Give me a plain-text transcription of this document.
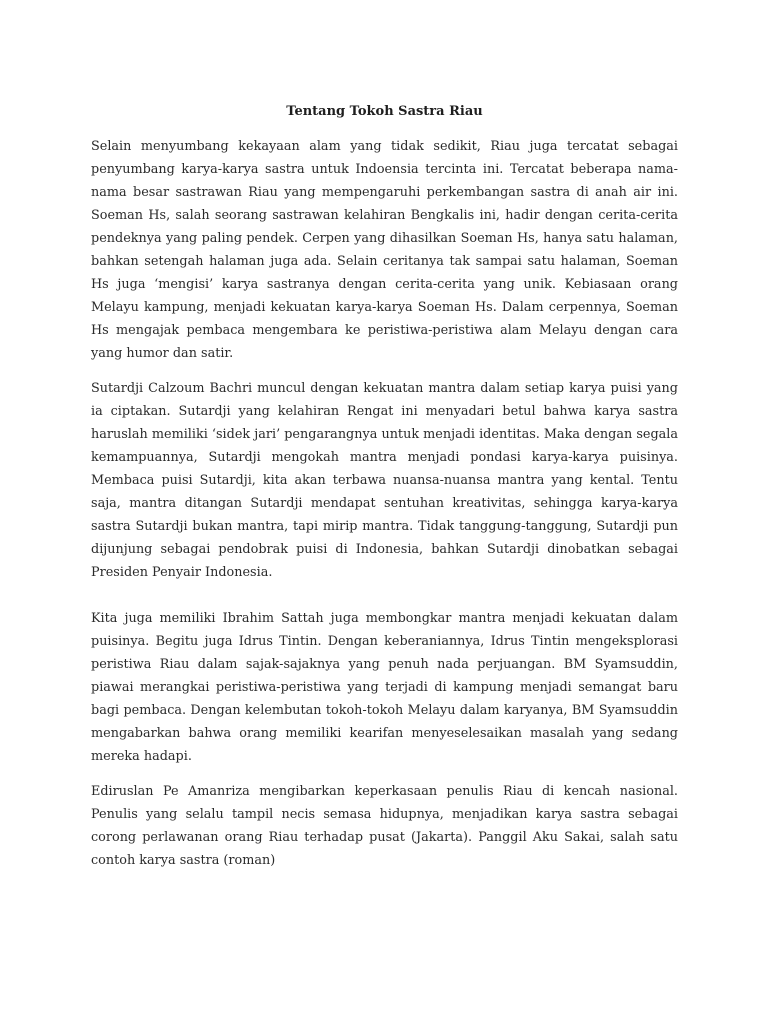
Tentang Tokoh Sastra Riau

Selain menyumbang kekayaan alam yang tidak sedikit, Riau juga tercatat sebagai penyumbang karya-karya sastra untuk Indoensia tercinta ini. Tercatat beberapa nama-nama besar sastrawan Riau yang mempengaruhi perkembangan sastra di anah air ini. Soeman Hs, salah seorang sastrawan kelahiran Bengkalis ini, hadir dengan cerita-cerita pendeknya yang paling pendek. Cerpen yang dihasilkan Soeman Hs, hanya satu halaman, bahkan setengah halaman juga ada. Selain ceritanya tak sampai satu halaman, Soeman Hs juga ‘mengisi’ karya sastranya dengan cerita-cerita yang unik. Kebiasaan orang Melayu kampung, menjadi kekuatan karya-karya Soeman Hs. Dalam cerpennya, Soeman Hs mengajak pembaca mengembara ke peristiwa-peristiwa alam Melayu dengan cara yang humor dan satir.

Sutardji Calzoum Bachri muncul dengan kekuatan mantra dalam setiap karya puisi yang ia ciptakan. Sutardji yang kelahiran Rengat ini menyadari betul bahwa karya sastra haruslah memiliki ‘sidek jari’ pengarangnya untuk menjadi identitas. Maka dengan segala kemampuannya, Sutardji mengokah mantra menjadi pondasi karya-karya puisinya. Membaca puisi Sutardji, kita akan terbawa nuansa-nuansa mantra yang kental. Tentu saja, mantra ditangan Sutardji mendapat sentuhan kreativitas, sehingga karya-karya sastra Sutardji bukan mantra, tapi mirip mantra. Tidak tanggung-tanggung, Sutardji pun dijunjung sebagai pendobrak puisi di Indonesia, bahkan Sutardji dinobatkan sebagai Presiden Penyair Indonesia.

Kita juga memiliki Ibrahim Sattah juga membongkar mantra menjadi kekuatan dalam puisinya. Begitu juga Idrus Tintin. Dengan keberaniannya, Idrus Tintin mengeksplorasi peristiwa Riau dalam sajak-sajaknya yang penuh nada perjuangan. BM Syamsuddin, piawai merangkai peristiwa-peristiwa yang terjadi di kampung menjadi semangat baru bagi pembaca. Dengan kelembutan tokoh-tokoh Melayu dalam karyanya, BM Syamsuddin mengabarkan bahwa orang memiliki kearifan menyeselesaikan masalah yang sedang mereka hadapi.

Ediruslan Pe Amanriza mengibarkan keperkasaan penulis Riau di kencah nasional. Penulis yang selalu tampil necis semasa hidupnya, menjadikan karya sastra sebagai corong perlawanan orang Riau terhadap pusat (Jakarta). Panggil Aku Sakai, salah satu contoh karya sastra (roman)
